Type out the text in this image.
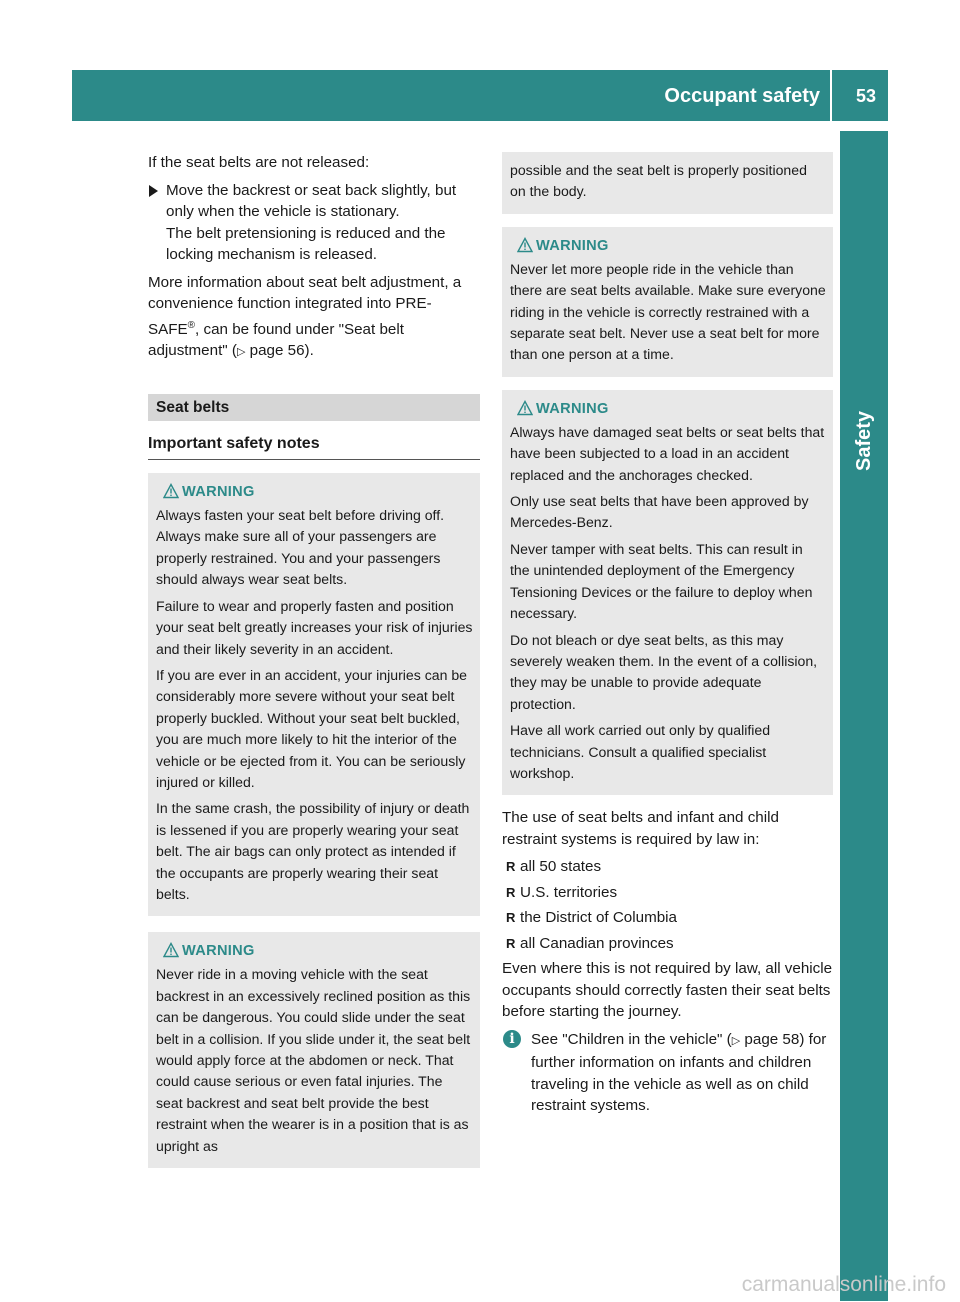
Occupant safety 53
Safety

If the seat belts are not released:

Move the backrest or seat back slightly, but only when the vehicle is stationary.
The belt pretensioning is reduced and the locking mechanism is released.

More information about seat belt adjustment, a convenience function integrated into PRE-SAFE®, can be found under "Seat belt adjustment" (▷ page 56).

Seat belts
Important safety notes
WARNING

Always fasten your seat belt before driving off. Always make sure all of your passengers are properly restrained. You and your passengers should always wear seat belts.

Failure to wear and properly fasten and position your seat belt greatly increases your risk of injuries and their likely severity in an accident.

If you are ever in an accident, your injuries can be considerably more severe without your seat belt properly buckled. Without your seat belt buckled, you are much more likely to hit the interior of the vehicle or be ejected from it. You can be seriously injured or killed.

In the same crash, the possibility of injury or death is lessened if you are properly wearing your seat belt. The air bags can only protect as intended if the occupants are properly wearing their seat belts.

WARNING

Never ride in a moving vehicle with the seat backrest in an excessively reclined position as this can be dangerous. You could slide under the seat belt in a collision. If you slide under it, the seat belt would apply force at the abdomen or neck. That could cause serious or even fatal injuries. The seat backrest and seat belt provide the best restraint when the wearer is in a position that is as upright as

possible and the seat belt is properly positioned on the body.

WARNING

Never let more people ride in the vehicle than there are seat belts available. Make sure everyone riding in the vehicle is correctly restrained with a separate seat belt. Never use a seat belt for more than one person at a time.

WARNING

Always have damaged seat belts or seat belts that have been subjected to a load in an accident replaced and the anchorages checked.

Only use seat belts that have been approved by Mercedes-Benz.

Never tamper with seat belts. This can result in the unintended deployment of the Emergency Tensioning Devices or the failure to deploy when necessary.

Do not bleach or dye seat belts, as this may severely weaken them. In the event of a collision, they may be unable to provide adequate protection.

Have all work carried out only by qualified technicians. Consult a qualified specialist workshop.

The use of seat belts and infant and child restraint systems is required by law in:

R all 50 states
R U.S. territories
R the District of Columbia
R all Canadian provinces

Even where this is not required by law, all vehicle occupants should correctly fasten their seat belts before starting the journey.

i	See "Children in the vehicle" (▷ page 58) for further information on infants and children traveling in the vehicle as well as on child restraint systems.
carmanualsonline.info
